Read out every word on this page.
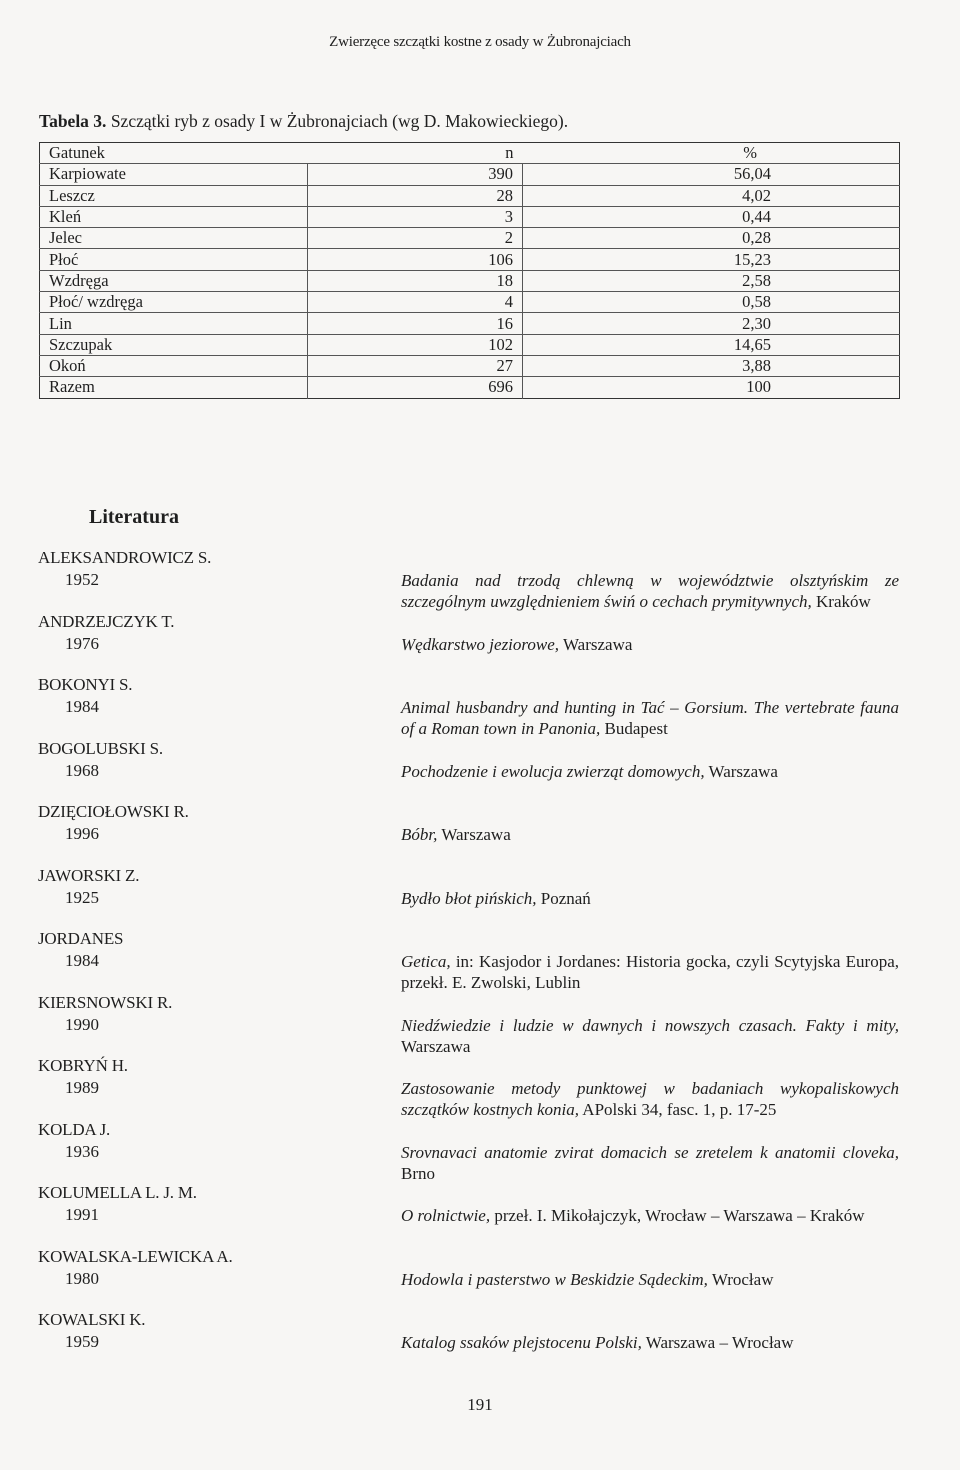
Zwierzęce szczątki kostne z osady w Żubronajciach
Tabela 3. Szczątki ryb z osady I w Żubronajciach (wg D. Makowieckiego).
Gatunek	n	%
Karpiowate	390	56,04
Leszcz	28	4,02
Kleń	3	0,44
Jelec	2	0,28
Płoć	106	15,23
Wzdręga	18	2,58
Płoć/ wzdręga	4	0,58
Lin	16	2,30
Szczupak	102	14,65
Okoń	27	3,88
Razem	696	100
Literatura
ALEKSANDROWICZ S.
1952	Badania nad trzodą chlewną w województwie olsztyńskim ze szczególnym uwzględnieniem świń o cechach prymitywnych, Kraków
ANDRZEJCZYK T.
1976	Wędkarstwo jeziorowe, Warszawa
BOKONYI S.
1984	Animal husbandry and hunting in Tać – Gorsium. The vertebrate fauna of a Roman town in Panonia, Budapest
BOGOLUBSKI S.
1968	Pochodzenie i ewolucja zwierząt domowych, Warszawa
DZIĘCIOŁOWSKI R.
1996	Bóbr, Warszawa
JAWORSKI Z.
1925	Bydło błot pińskich, Poznań
JORDANES
1984	Getica, in: Kasjodor i Jordanes: Historia gocka, czyli Scytyjska Europa, przekł. E. Zwolski, Lublin
KIERSNOWSKI R.
1990	Niedźwiedzie i ludzie w dawnych i nowszych czasach. Fakty i mity, Warszawa
KOBRYŃ H.
1989	Zastosowanie metody punktowej w badaniach wykopaliskowych szczątków kostnych konia, APolski 34, fasc. 1, p. 17-25
KOLDA J.
1936	Srovnavaci anatomie zvirat domacich se zretelem k anatomii cloveka, Brno
KOLUMELLA L. J. M.
1991	O rolnictwie, przeł. I. Mikołajczyk, Wrocław – Warszawa – Kraków
KOWALSKA-LEWICKA A.
1980	Hodowla i pasterstwo w Beskidzie Sądeckim, Wrocław
KOWALSKI K.
1959	Katalog ssaków plejstocenu Polski, Warszawa – Wrocław
191
